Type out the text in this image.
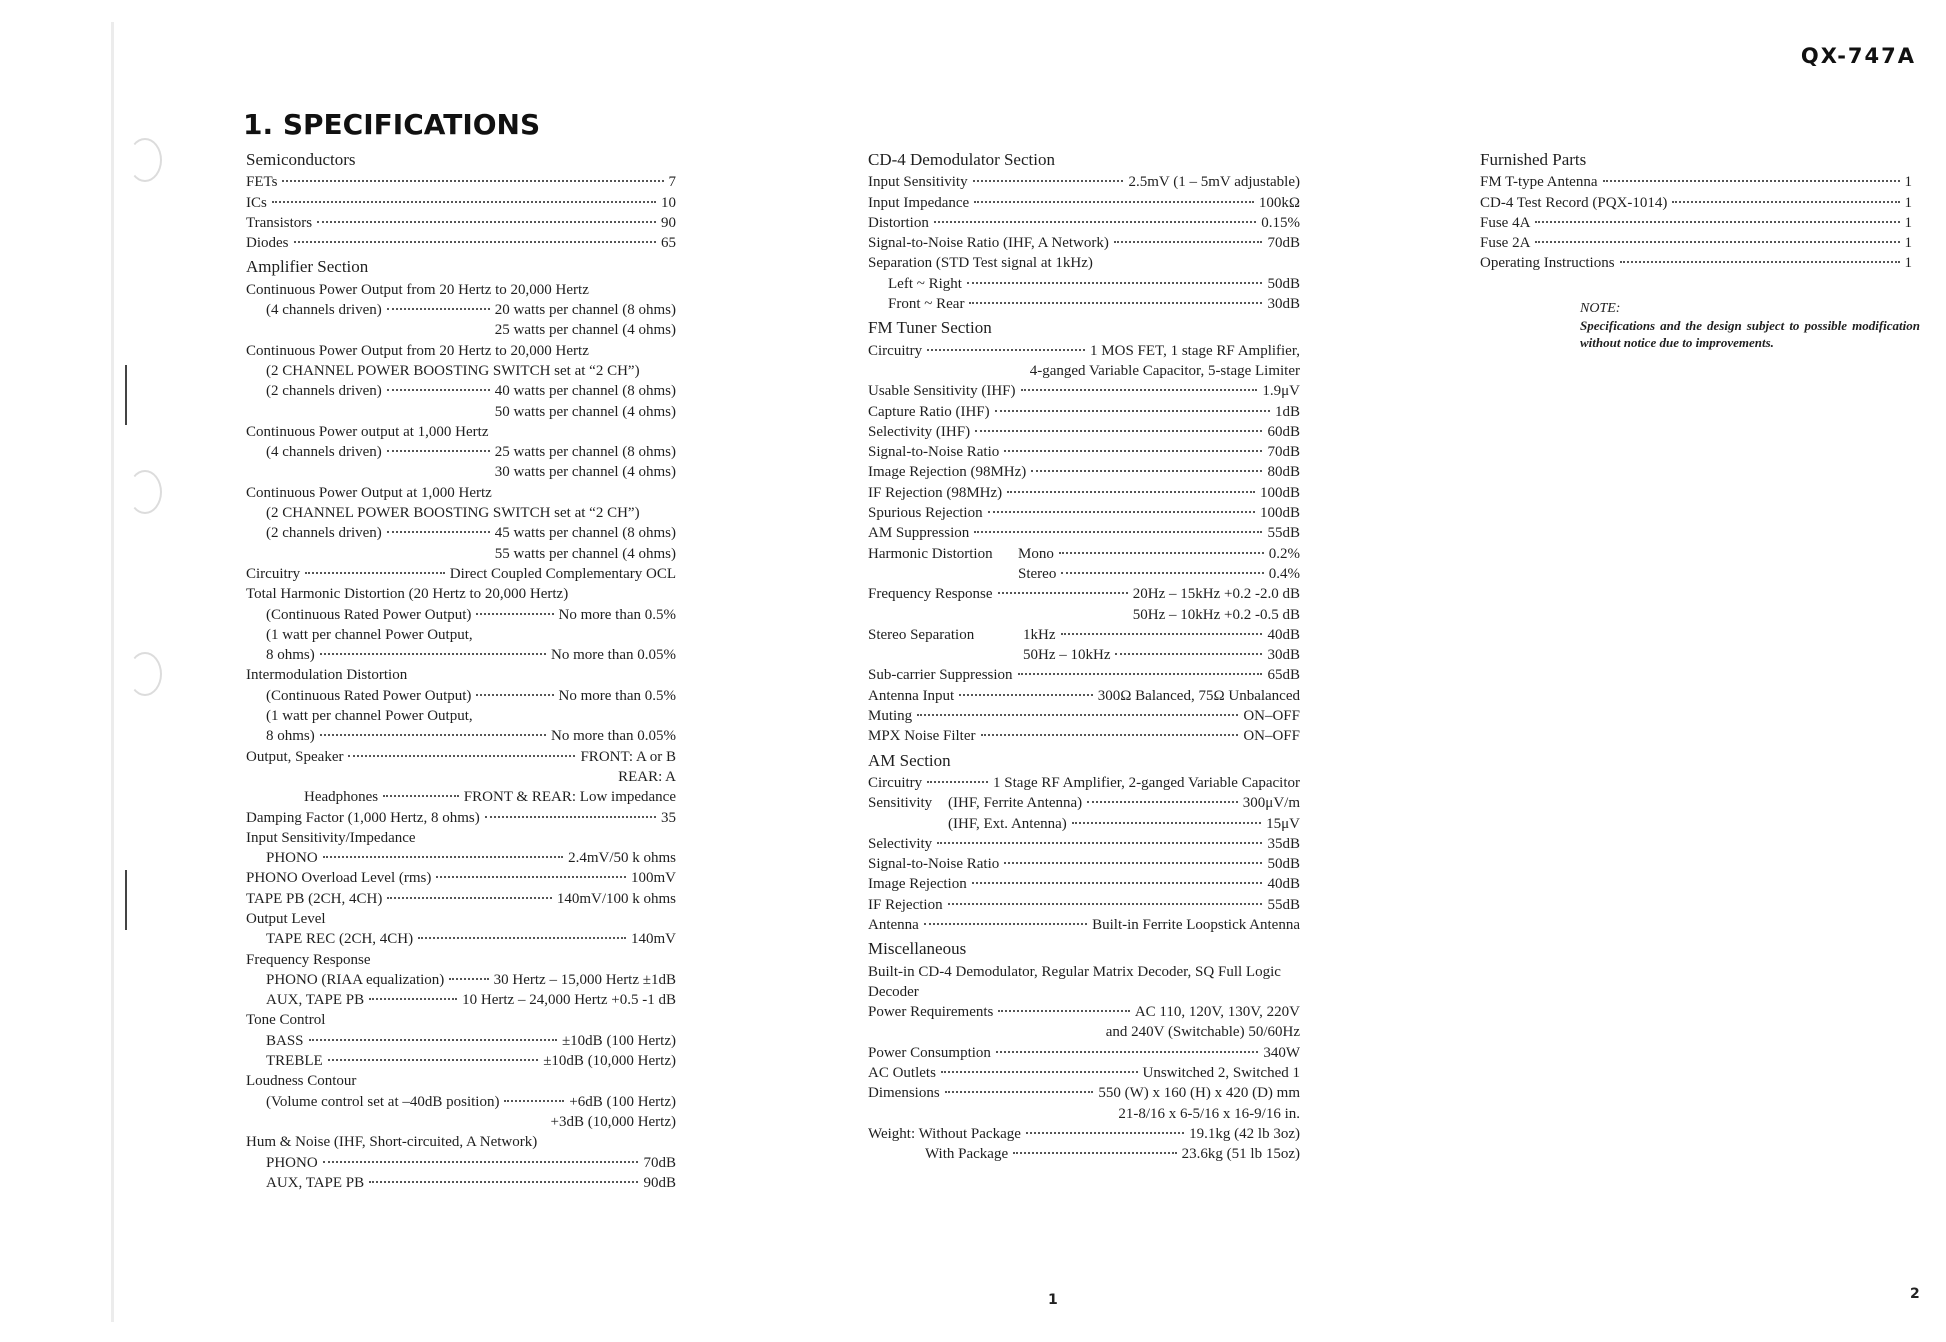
QX-747A
1. SPECIFICATIONS
Semiconductors
FETs	7
ICs	10
Transistors	90
Diodes	65
Amplifier Section
Continuous Power Output from 20 Hertz to 20,000 Hertz
(4 channels driven)	20 watts per channel (8 ohms)
25 watts per channel (4 ohms)
Continuous Power Output from 20 Hertz to 20,000 Hertz
(2 CHANNEL POWER BOOSTING SWITCH set at “2 CH”)
(2 channels driven)	40 watts per channel (8 ohms)
50 watts per channel (4 ohms)
Continuous Power output at 1,000 Hertz
(4 channels driven)	25 watts per channel (8 ohms)
30 watts per channel (4 ohms)
Continuous Power Output at 1,000 Hertz
(2 CHANNEL POWER BOOSTING SWITCH set at “2 CH”)
(2 channels driven)	45 watts per channel (8 ohms)
55 watts per channel (4 ohms)
Circuitry	Direct Coupled Complementary OCL
Total Harmonic Distortion (20 Hertz to 20,000 Hertz)
(Continuous Rated Power Output)	No more than 0.5%
(1 watt per channel Power Output,
8 ohms)	No more than 0.05%
Intermodulation Distortion
(Continuous Rated Power Output)	No more than 0.5%
(1 watt per channel Power Output,
8 ohms)	No more than 0.05%
Output, Speaker	FRONT: A or B
REAR: A
Headphones	FRONT & REAR: Low impedance
Damping Factor (1,000 Hertz, 8 ohms)	35
Input Sensitivity/Impedance
PHONO	2.4mV/50 k ohms
PHONO Overload Level (rms)	100mV
TAPE PB (2CH, 4CH)	140mV/100 k ohms
Output Level
TAPE REC (2CH, 4CH)	140mV
Frequency Response
PHONO (RIAA equalization)	30 Hertz – 15,000 Hertz ±1dB
AUX, TAPE PB	10 Hertz – 24,000 Hertz +0.5 -1 dB
Tone Control
BASS	±10dB (100 Hertz)
TREBLE	±10dB (10,000 Hertz)
Loudness Contour
(Volume control set at –40dB position)	+6dB (100 Hertz)
+3dB (10,000 Hertz)
Hum & Noise (IHF, Short-circuited, A Network)
PHONO	70dB
AUX, TAPE PB	90dB
CD-4 Demodulator Section
Input Sensitivity	2.5mV (1 – 5mV adjustable)
Input Impedance	100kΩ
Distortion	0.15%
Signal-to-Noise Ratio (IHF, A Network)	70dB
Separation (STD Test signal at 1kHz)
Left ~ Right	50dB
Front ~ Rear	30dB
FM Tuner Section
Circuitry	1 MOS FET, 1 stage RF Amplifier,
4-ganged Variable Capacitor, 5-stage Limiter
Usable Sensitivity (IHF)	1.9μV
Capture Ratio (IHF)	1dB
Selectivity (IHF)	60dB
Signal-to-Noise Ratio	70dB
Image Rejection (98MHz)	80dB
IF Rejection (98MHz)	100dB
Spurious Rejection	100dB
AM Suppression	55dB
Harmonic Distortion	Mono	0.2%
Stereo	0.4%
Frequency Response	20Hz – 15kHz +0.2 -2.0 dB
50Hz – 10kHz +0.2 -0.5 dB
Stereo Separation	1kHz	40dB
50Hz – 10kHz	30dB
Sub-carrier Suppression	65dB
Antenna Input	300Ω Balanced, 75Ω Unbalanced
Muting	ON–OFF
MPX Noise Filter	ON–OFF
AM Section
Circuitry	1 Stage RF Amplifier, 2-ganged Variable Capacitor
Sensitivity	(IHF, Ferrite Antenna)	300μV/m
(IHF, Ext. Antenna)	15μV
Selectivity	35dB
Signal-to-Noise Ratio	50dB
Image Rejection	40dB
IF Rejection	55dB
Antenna	Built-in Ferrite Loopstick Antenna
Miscellaneous
Built-in CD-4 Demodulator, Regular Matrix Decoder, SQ Full Logic
Decoder
Power Requirements	AC 110, 120V, 130V, 220V
and 240V (Switchable) 50/60Hz
Power Consumption	340W
AC Outlets	Unswitched 2, Switched 1
Dimensions	550 (W) x 160 (H) x 420 (D) mm
21-8/16 x 6-5/16 x 16-9/16 in.
Weight: Without Package	19.1kg (42 lb 3oz)
With Package	23.6kg (51 lb 15oz)
Furnished Parts
FM T-type Antenna	1
CD-4 Test Record (PQX-1014)	1
Fuse 4A	1
Fuse 2A	1
Operating Instructions	1
NOTE:
Specifications and the design subject to possible modification without notice due to improvements.
1	2
